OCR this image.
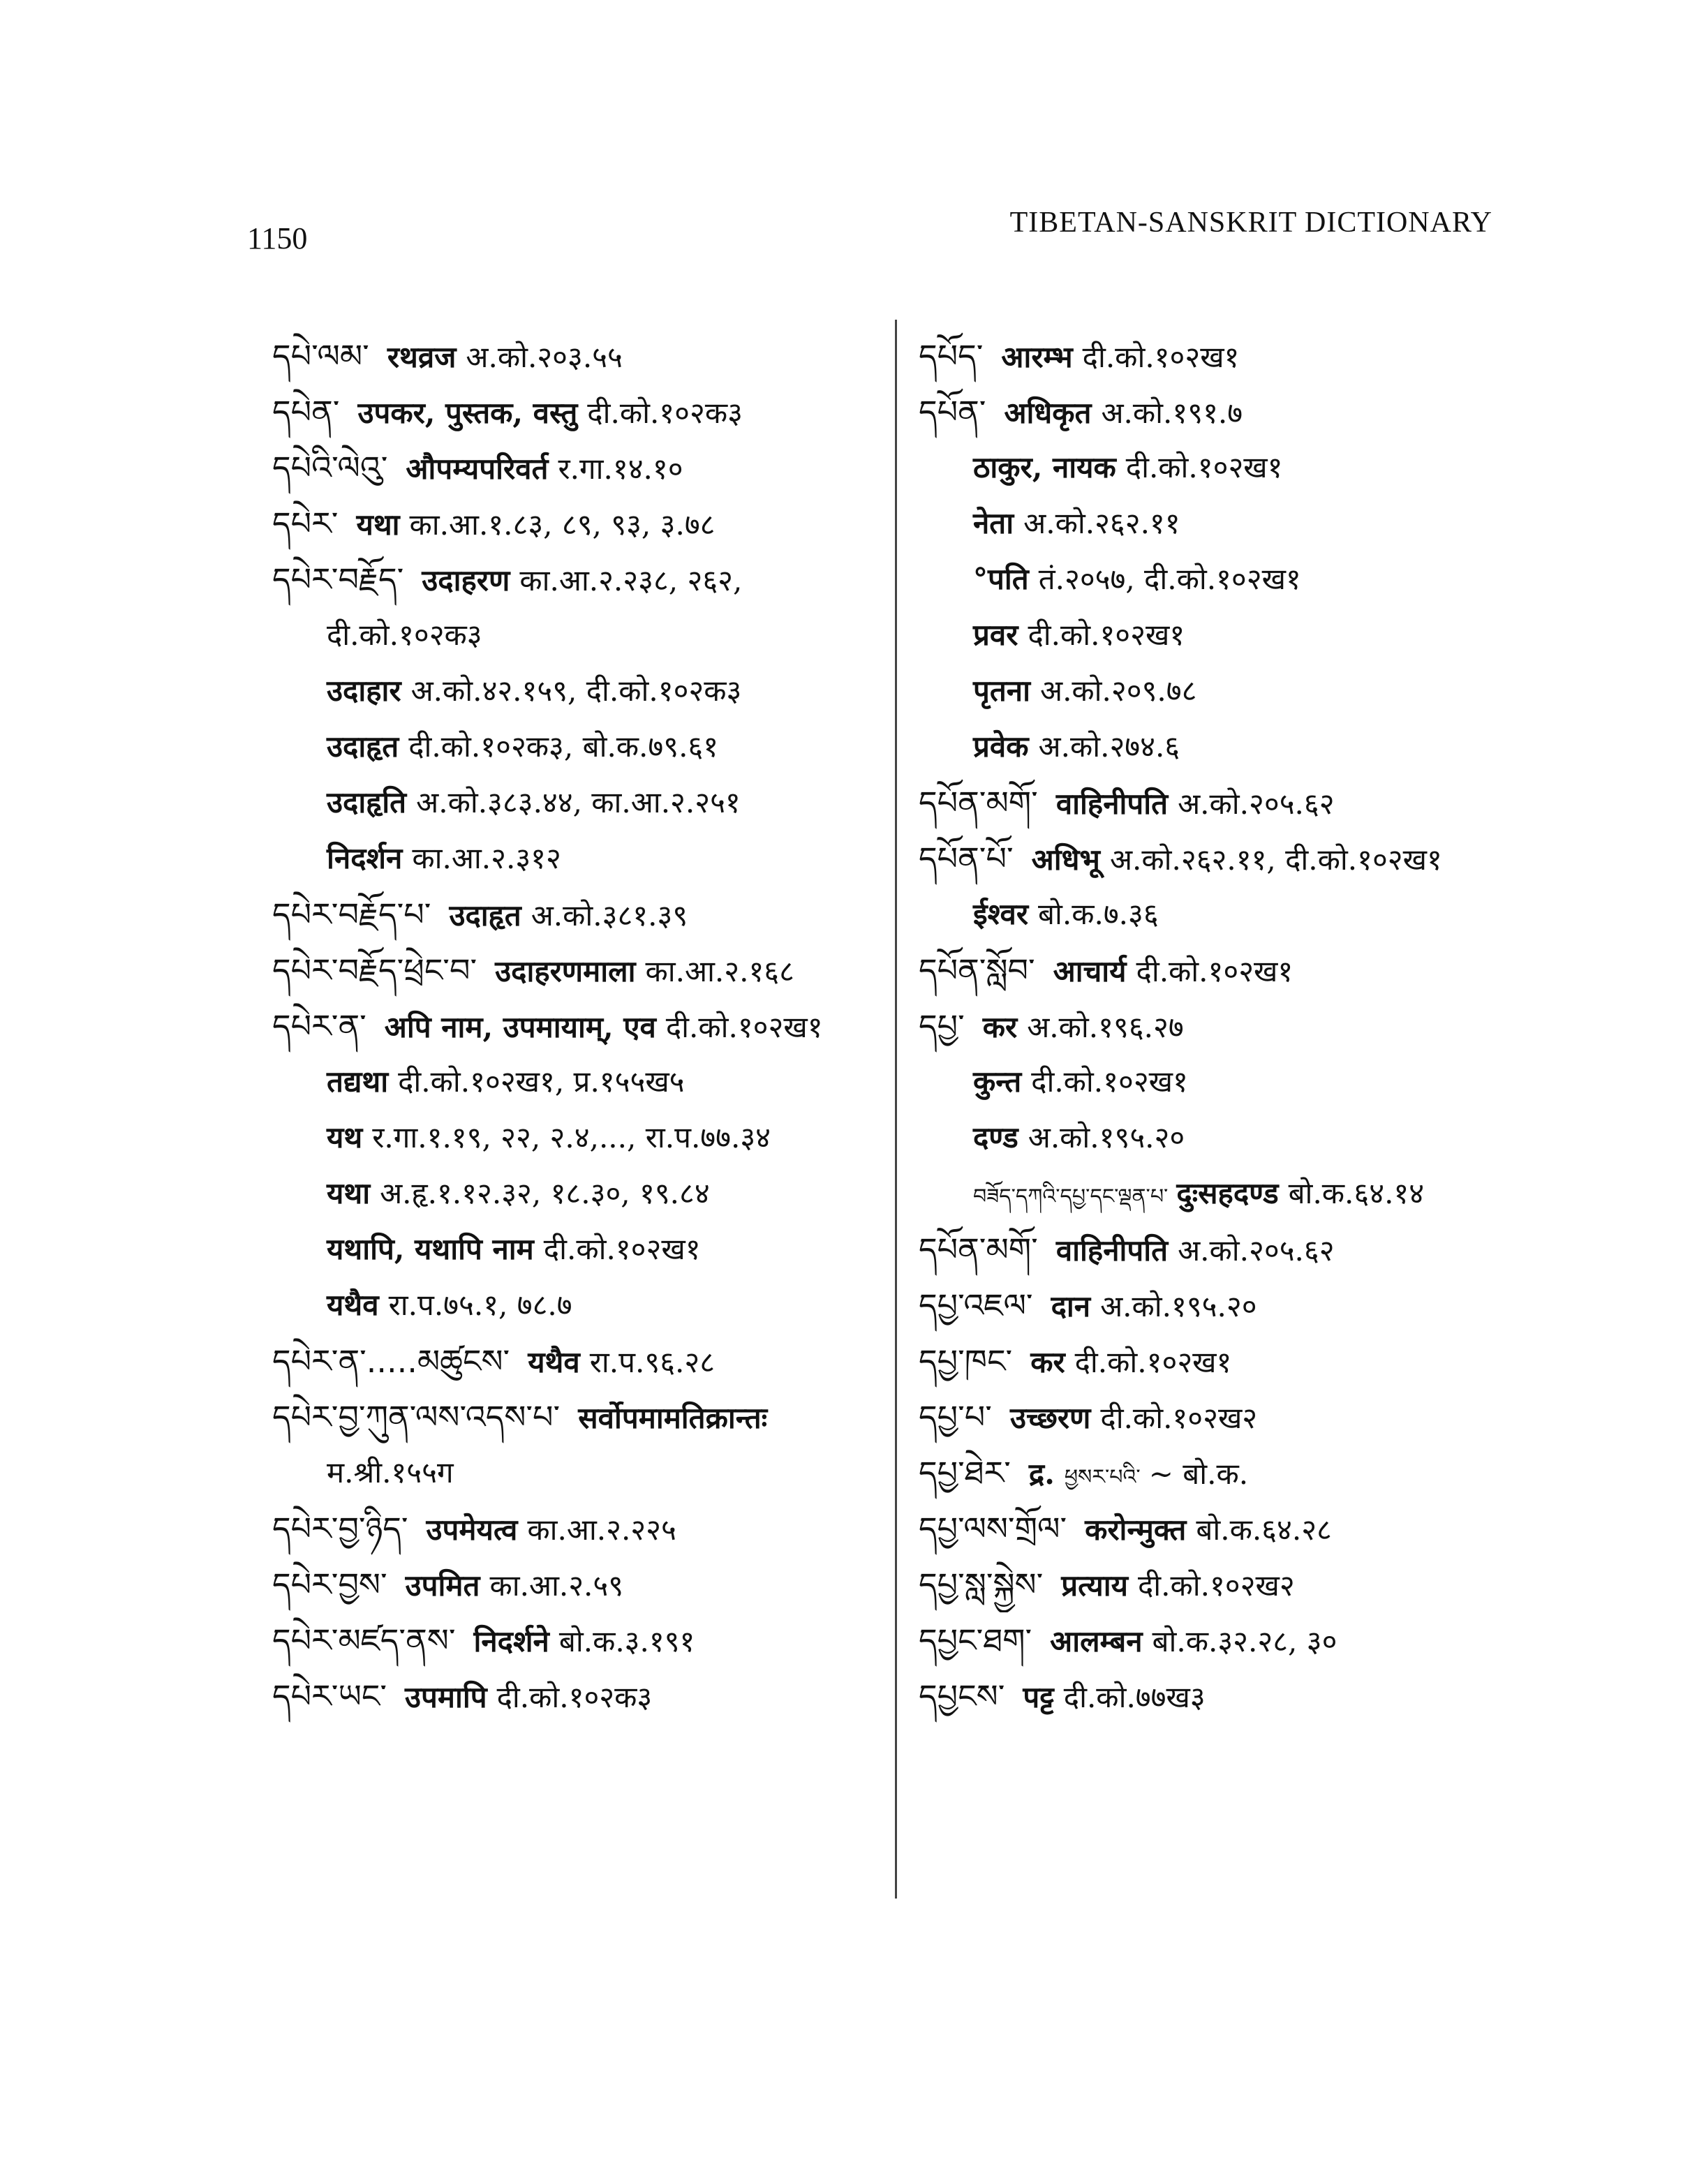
1150	TIBETAN-SANSKRIT DICTIONARY
དཔེ་ལམ་ रथव्रज अ.को.२०३.५५
དཔེན་ उपकर, पुस्तक, वस्तु दी.को.१०२क३
དཔེའི་ལེའུ་ औपम्यपरिवर्त र.गा.१४.१०
དཔེར་ यथा का.आ.१.८३, ८९, ९३, ३.७८
དཔེར་བརྗོད་ उदाहरण का.आ.२.२३८, २६२,
दी.को.१०२क३
उदाहार अ.को.४२.१५९, दी.को.१०२क३
उदाहृत दी.को.१०२क३, बो.क.७९.६१
उदाहृति अ.को.३८३.४४, का.आ.२.२५१
निदर्शन का.आ.२.३१२
དཔེར་བརྗོད་པ་ उदाहृत अ.को.३८१.३९
དཔེར་བརྗོད་ཕྲེང་བ་ उदाहरणमाला का.आ.२.१६८
དཔེར་ན་ अपि नाम, उपमायाम्, एव दी.को.१०२ख१
तद्यथा दी.को.१०२ख१, प्र.१५५ख५
यथ र.गा.१.१९, २२, २.४,..., रा.प.७७.३४
यथा अ.हृ.१.१२.३२, १८.३०, १९.८४
यथापि, यथापि नाम दी.को.१०२ख१
यथैव रा.प.७५.१, ७८.७
དཔེར་ན་.....མཚུངས་ यथैव रा.प.९६.२८
དཔེར་བྱ་ཀུན་ལས་འདས་པ་ सर्वोपमामतिक्रान्तः
म.श्री.१५५ग
དཔེར་བྱ་ཉིད་ उपमेयत्व का.आ.२.२२५
དཔེར་བྱས་ उपमित का.आ.२.५९
དཔེར་མཛད་ནས་ निदर्शने बो.क.३.१९१
དཔེར་ཡང་ उपमापि दी.को.१०२क३
དཔོད་ आरम्भ दी.को.१०२ख१
དཔོན་ अधिकृत अ.को.१९१.७
ठाकुर, नायक दी.को.१०२ख१
नेता अ.को.२६२.११
°पति तं.२०५७, दी.को.१०२ख१
प्रवर दी.को.१०२ख१
पृतना अ.को.२०९.७८
प्रवेक अ.को.२७४.६
དཔོན་མགོ་ वाहिनीपति अ.को.२०५.६२
དཔོན་པོ་ अधिभू अ.को.२६२.११, दी.को.१०२ख१
ईश्वर बो.क.७.३६
དཔོན་སློབ་ आचार्य दी.को.१०२ख१
དཔྱ་ कर अ.को.१९६.२७
कुन्त दी.को.१०२ख१
दण्ड अ.को.१९५.२०
བཟོད་དཀའི་དཔྱ་དང་ལྡན་པ་ दुःसहदण्ड बो.क.६४.१४
དཔོན་མགོ་ वाहिनीपति अ.को.२०५.६२
དཔྱ་འཇལ་ दान अ.को.१९५.२०
དཔྱ་ཁང་ कर दी.को.१०२ख१
དཔྱ་པ་ उच्छरण दी.को.१०२ख२
དཔྱ་ཐེར་ द्र. ཕྱསར་པའི་ ~ बो.क.
དཔྱ་ལས་གྲོལ་ करोन्मुक्त बो.क.६४.२८
དཔྱ་སླ་སྐྱེས་ प्रत्याय दी.को.१०२ख२
དཔྱང་ཐག་ आलम्बन बो.क.३२.२८, ३०
དཔྱངས་ पट्ट दी.को.७७ख३
